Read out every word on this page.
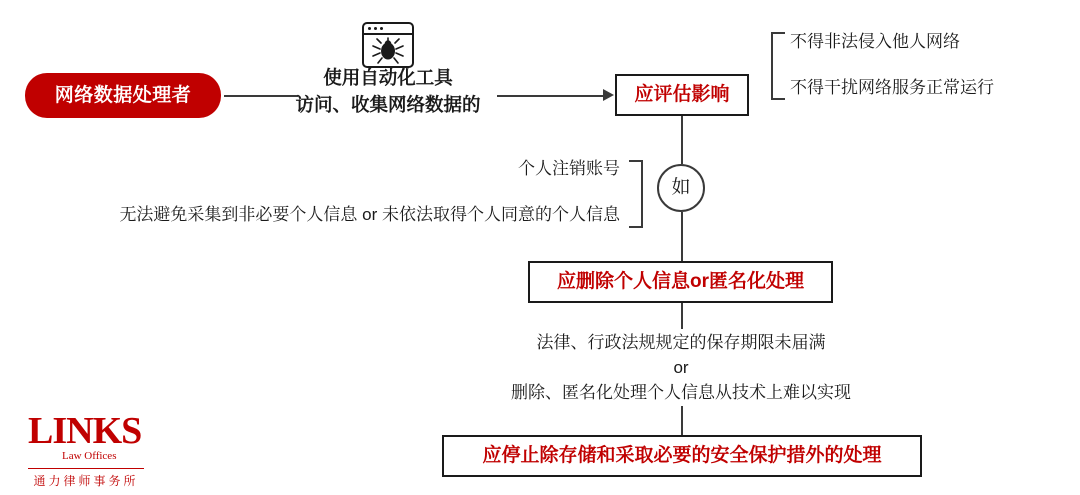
网络数据处理者
使用自动化工具
访问、收集网络数据的	应评估影响
不得非法侵入他人网络
不得干扰网络服务正常运行
如
个人注销账号
无法避免采集到非必要个人信息 or 未依法取得个人同意的个人信息
应删除个人信息or匿名化处理
法律、行政法规规定的保存期限未届满
or
删除、匿名化处理个人信息从技术上难以实现
应停止除存储和采取必要的安全保护措外的处理
LINKS
Law Offices
通力律师事务所
